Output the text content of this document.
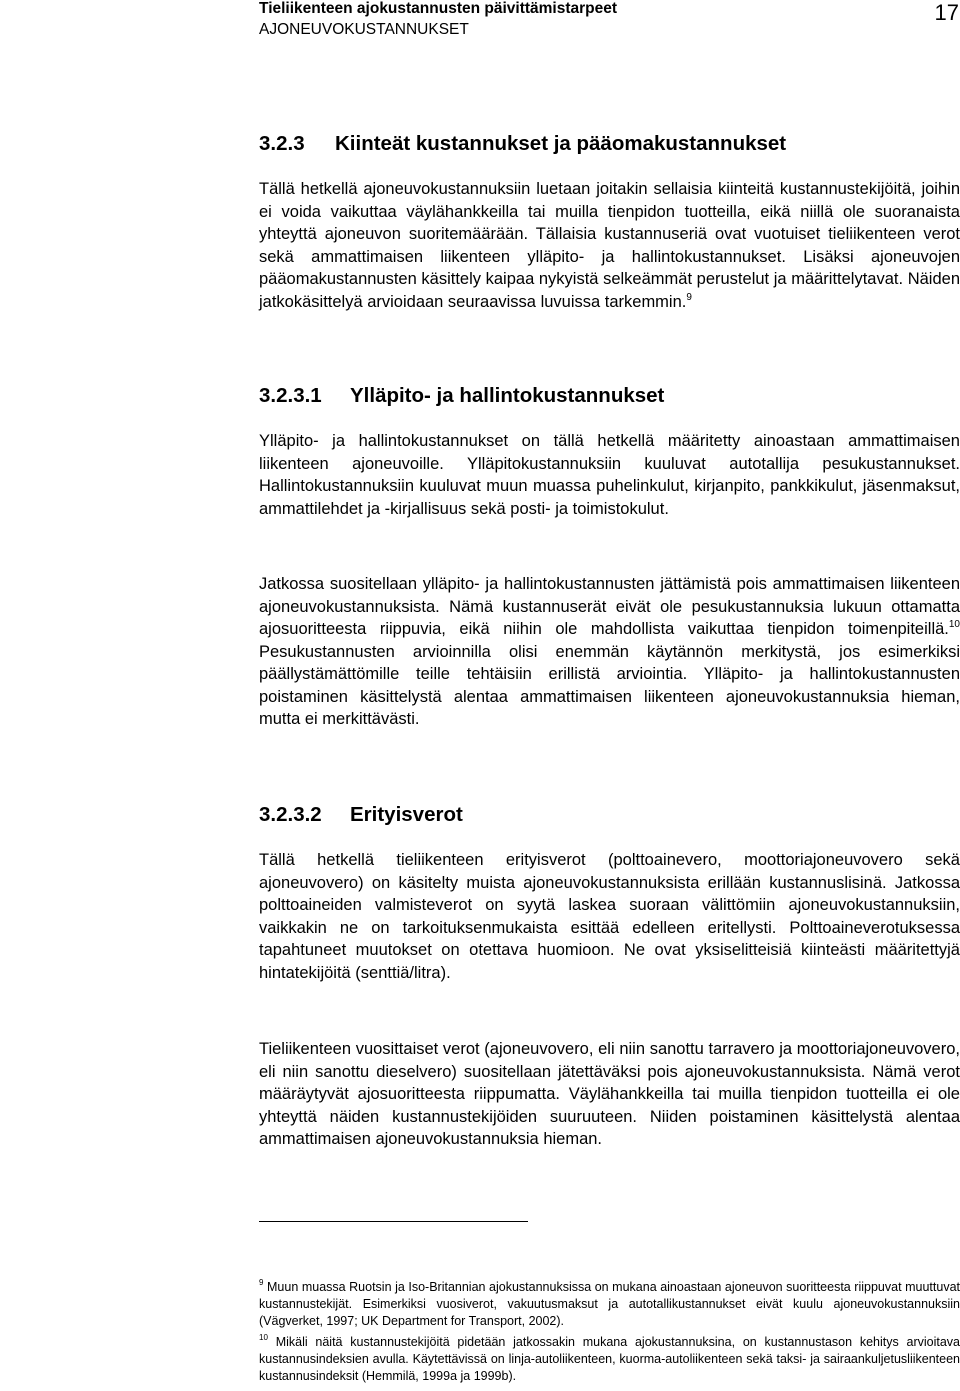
Tieliikenteen ajokustannusten päivittämistarpeet
AJONEUVOKUSTANNUKSET
17
3.2.3 Kiinteät kustannukset ja pääomakustannukset

Tällä hetkellä ajoneuvokustannuksiin luetaan joitakin sellaisia kiinteitä kustannustekijöitä, joihin ei voida vaikuttaa väylähankkeilla tai muilla tienpidon tuotteilla, eikä niillä ole suoranaista yhteyttä ajoneuvon suoritemäärään. Tällaisia kustannuseriä ovat vuotuiset tieliikenteen verot sekä ammattimaisen liikenteen ylläpito- ja hallintokustannukset. Lisäksi ajoneuvojen pääomakustannusten käsittely kaipaa nykyistä selkeämmät perustelut ja määrittelytavat. Näiden jatkokäsittelyä arvioidaan seuraavissa luvuissa tarkemmin.$^9$

3.2.3.1 Ylläpito- ja hallintokustannukset

Ylläpito- ja hallintokustannukset on tällä hetkellä määritetty ainoastaan ammattimaisen liikenteen ajoneuvoille. Ylläpitokustannuksiin kuuluvat autotallija pesukustannukset. Hallintokustannuksiin kuuluvat muun muassa puhelinkulut, kirjanpito, pankkikulut, jäsenmaksut, ammattilehdet ja -kirjallisuus sekä posti- ja toimistokulut.

Jatkossa suositellaan ylläpito- ja hallintokustannusten jättämistä pois ammattimaisen liikenteen ajoneuvokustannuksista. Nämä kustannuserät eivät ole pesukustannuksia lukuun ottamatta ajosuoritteesta riippuvia, eikä niihin ole mahdollista vaikuttaa tienpidon toimenpiteillä.$^{10}$ Pesukustannusten arvioinnilla olisi enemmän käytännön merkitystä, jos esimerkiksi päällystämättömille teille tehtäisiin erillistä arviointia. Ylläpito- ja hallintokustannusten poistaminen käsittelystä alentaa ammattimaisen liikenteen ajoneuvokustannuksia hieman, mutta ei merkittävästi.

3.2.3.2 Erityisverot

Tällä hetkellä tieliikenteen erityisverot (polttoainevero, moottoriajoneuvovero sekä ajoneuvovero) on käsitelty muista ajoneuvokustannuksista erillään kustannuslisinä. Jatkossa polttoaineiden valmisteverot on syytä laskea suoraan välittömiin ajoneuvokustannuksiin, vaikkakin ne on tarkoituksenmukaista esittää edelleen eritellysti. Polttoaineverotuksessa tapahtuneet muutokset on otettava huomioon. Ne ovat yksiselitteisiä kiinteästi määritettyjä hintatekijöitä (senttiä/litra).

Tieliikenteen vuosittaiset verot (ajoneuvovero, eli niin sanottu tarravero ja moottoriajoneuvovero, eli niin sanottu dieselvero) suositellaan jätettäväksi pois ajoneuvokustannuksista. Nämä verot määräytyvät ajosuoritteesta riippumatta. Väylähankkeilla tai muilla tienpidon tuotteilla ei ole yhteyttä näiden kustannustekijöiden suuruuteen. Niiden poistaminen käsittelystä alentaa ammattimaisen ajoneuvokustannuksia hieman.

$^9$ Muun muassa Ruotsin ja Iso-Britannian ajokustannuksissa on mukana ainoastaan ajoneuvon suoritteesta riippuvat muuttuvat kustannustekijät. Esimerkiksi vuosiverot, vakuutusmaksut ja autotallikustannukset eivät kuulu ajoneuvokustannuksiin (Vägverket, 1997; UK Department for Transport, 2002).

$^{10}$ Mikäli näitä kustannustekijöitä pidetään jatkossakin mukana ajokustannuksina, on kustannustason kehitys arvioitava kustannusindeksien avulla. Käytettävissä on linja-autoliikenteen, kuorma-autoliikenteen sekä taksi- ja sairaankuljetusliikenteen kustannusindeksit (Hemmilä, 1999a ja 1999b).
